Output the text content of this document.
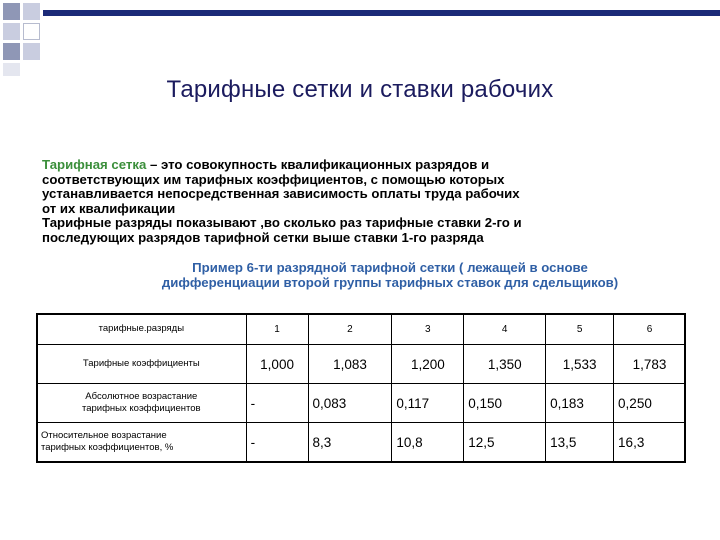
Тарифные сетки и ставки рабочих

Тарифная сетка – это совокупность квалификационных разрядов и

соответствующих им тарифных коэффициентов, с помощью которых

устанавливается непосредственная зависимость оплаты труда рабочих

от их квалификации

Тарифные разряды показывают ,во сколько раз тарифные ставки 2-го и

последующих разрядов тарифной сетки выше ставки 1-го разряда

Пример 6-ти разрядной тарифной сетки ( лежащей в основе
дифференциации второй группы тарифных ставок для сдельщиков)
тарифные.разряды	1	2	3	4	5	6
Тарифные коэффициенты	1,000	1,083	1,200	1,350	1,533	1,783

Абсолютное возрастание
тарифных коэффициентов	-	0,083	0,117	0,150	0,183	0,250

Относительное возрастание
тарифных коэффициентов, %	-	8,3	10,8	12,5	13,5	16,3
